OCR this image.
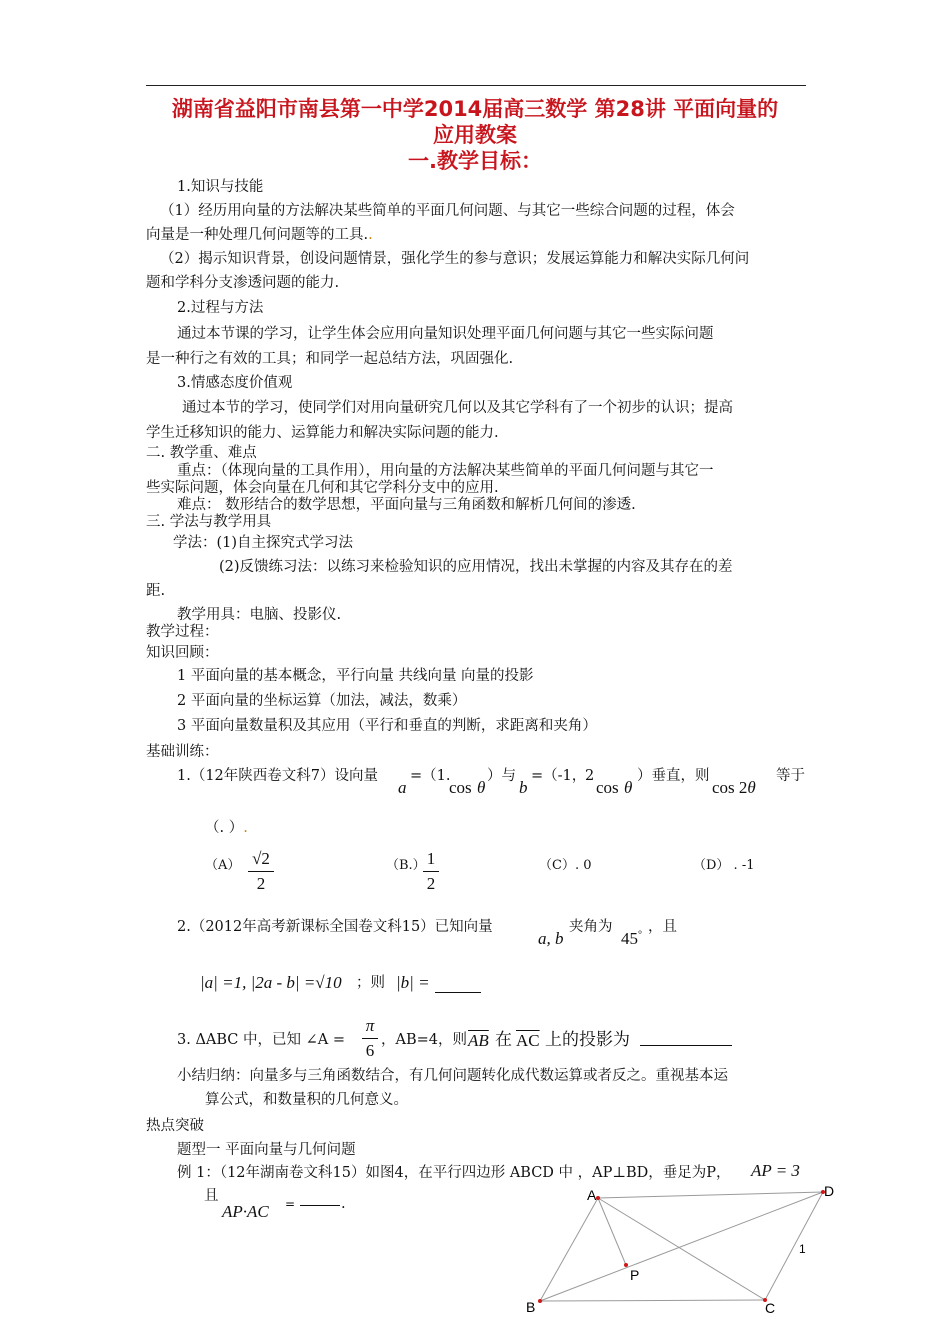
湖南省益阳市南县第一中学2014届高三数学 第28讲 平面向量的
应用教案
一.教学目标：
1.知识与技能
（1）经历用向量的方法解决某些简单的平面几何问题、与其它一些综合问题的过程，体会
向量是一种处理几何问题等的工具..
（2）揭示知识背景，创设问题情景，强化学生的参与意识；发展运算能力和解决实际几何问
题和学科分支渗透问题的能力.
2.过程与方法
通过本节课的学习，让学生体会应用向量知识处理平面几何问题与其它一些实际问题
是一种行之有效的工具；和同学一起总结方法，巩固强化.
3.情感态度价值观
通过本节的学习，使同学们对用向量研究几何以及其它学科有了一个初步的认识；提高
学生迁移知识的能力、运算能力和解决实际问题的能力.
二. 教学重、难点
重点：（体现向量的工具作用），用向量的方法解决某些简单的平面几何问题与其它一
些实际问题，体会向量在几何和其它学科分支中的应用.
难点： 数形结合的数学思想，平面向量与三角函数和解析几何间的渗透.
三. 学法与教学用具
学法：(1)自主探究式学习法
(2)反馈练习法：以练习来检验知识的应用情况，找出未掌握的内容及其存在的差
距.
教学用具：电脑、投影仪.
教学过程：
知识回顾：
1 平面向量的基本概念，平行向量 共线向量 向量的投影
2 平面向量的坐标运算（加法，减法，数乘）
3 平面向量数量积及其应用（平行和垂直的判断，求距离和夹角）
基础训练：
1.（12年陕西卷文科7）设向量
a
=（1.
cos θ
）与
b
=（-1，
2
cos θ
）垂直，则
cos 2θ
等于
（. ）.
（A） √2
2
（B.） 1
2
（C）. 0	（D） . -1
2.（2012年高考新课标全国卷文科15）已知向量
a, b
夹角为
45° ，且
|a| =1, |2a - b| =√10 ；则 |b| =
3. ΔABC 中，已知 ∠A =
π
6
，AB=4，则 $\overline{AB}$ 在 $\overline{AC}$ 上的投影为
小结归纳：向量多与三角函数结合，有几何问题转化成代数运算或者反之。重视基本运
算公式，和数量积的几何意义。
热点突破
题型一 平面向量与几何问题
例 1：（12年湖南卷文科15）如图4，在平行四边形 ABCD 中 ，AP⊥BD，垂足为P， AP = 3
且
AP·AC =	.
A	D
B	C
P
1
